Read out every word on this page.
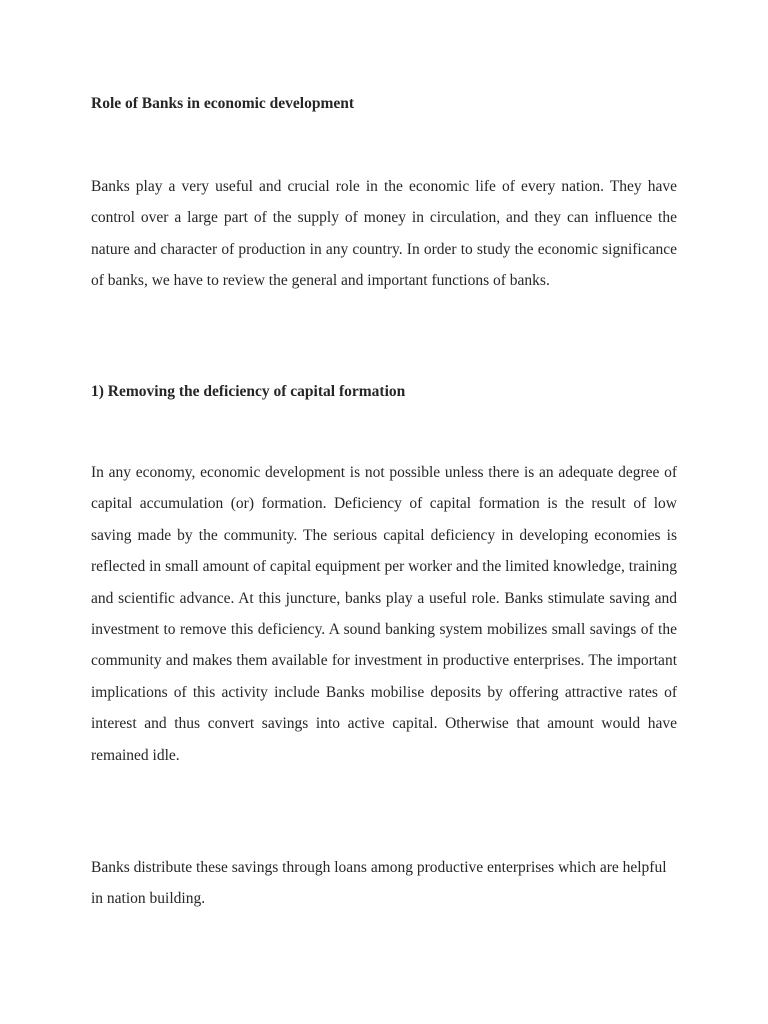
Role of Banks in economic development

Banks play a very useful and crucial role in the economic life of every nation. They have control over a large part of the supply of money in circulation, and they can influence the nature and character of production in any country. In order to study the economic significance of banks, we have to review the general and important functions of banks.

1) Removing the deficiency of capital formation

In any economy, economic development is not possible unless there is an adequate degree of capital accumulation (or) formation. Deficiency of capital formation is the result of low saving made by the community. The serious capital deficiency in developing economies is reflected in small amount of capital equipment per worker and the limited knowledge, training and scientific advance. At this juncture, banks play a useful role. Banks stimulate saving and investment to remove this deficiency. A sound banking system mobilizes small savings of the community and makes them available for investment in productive enterprises. The important implications of this activity include Banks mobilise deposits by offering attractive rates of interest and thus convert savings into active capital. Otherwise that amount would have remained idle.

Banks distribute these savings through loans among productive enterprises which are helpful in nation building.
